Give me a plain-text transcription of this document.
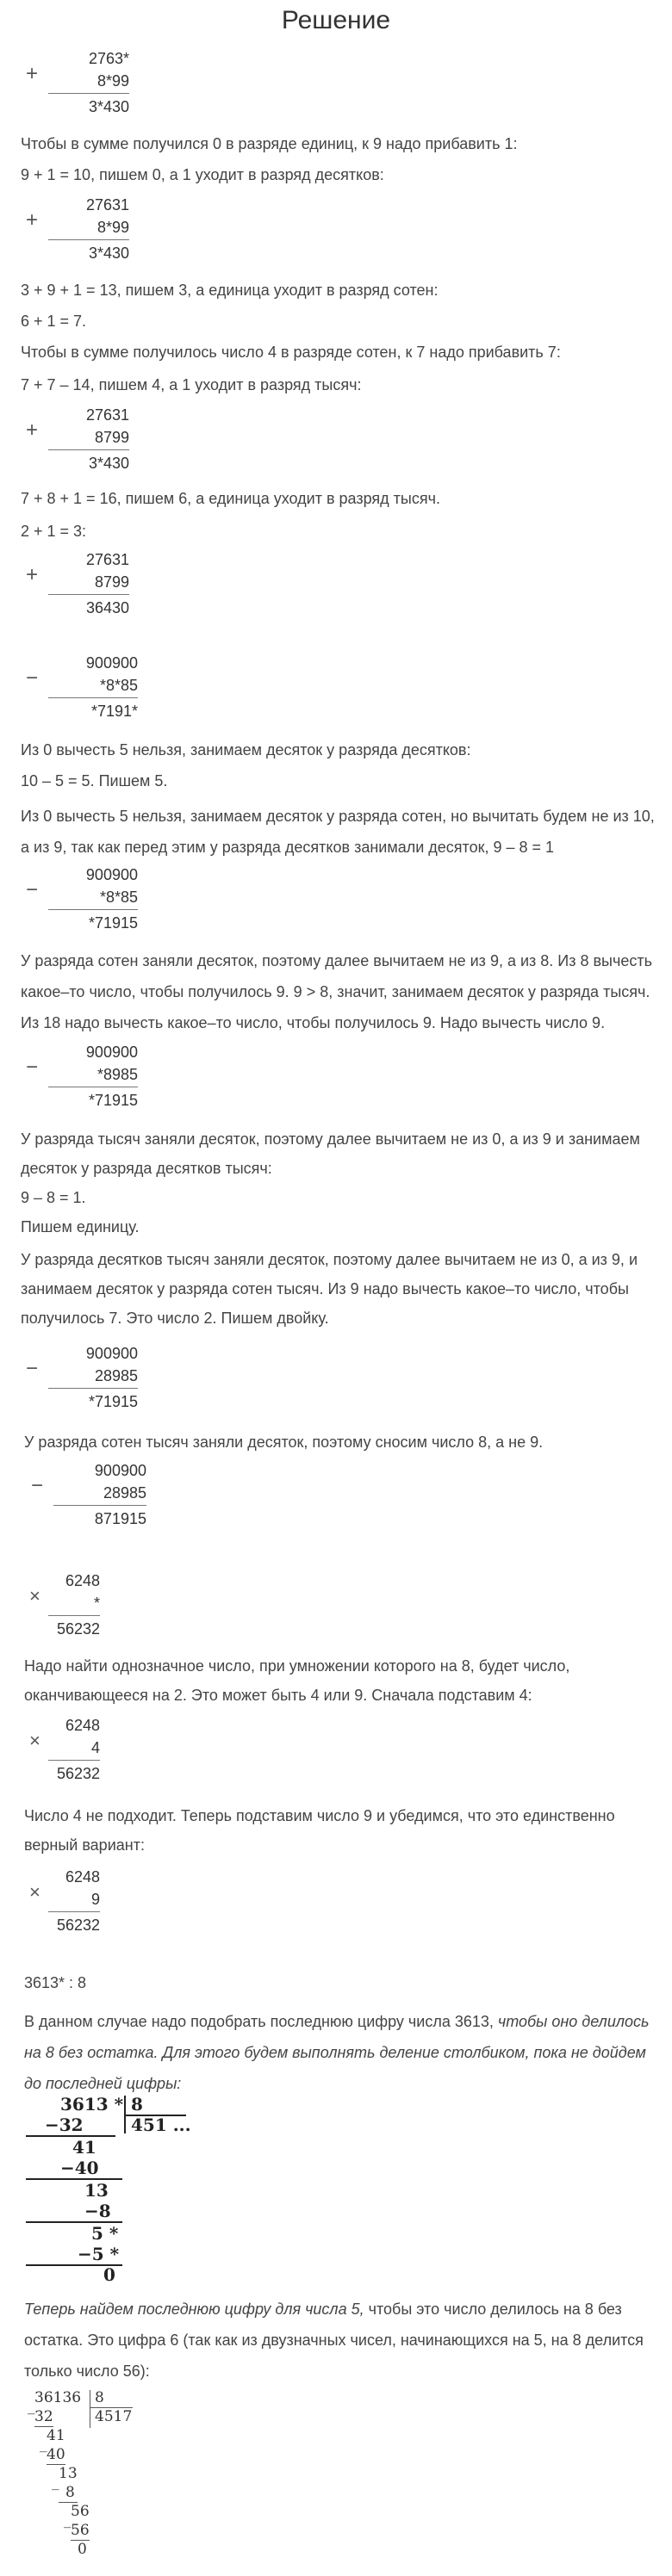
Решение
+
2763*
8*99
3*430
Чтобы в сумме получился 0 в разряде единиц, к 9 надо прибавить 1:
9 + 1 = 10, пишем 0, а 1 уходит в разряд десятков:
+
27631
8*99
3*430
3 + 9 + 1 = 13, пишем 3, а единица уходит в разряд сотен:
6 + 1 = 7.
Чтобы в сумме получилось число 4 в разряде сотен, к 7 надо прибавить 7:
7 + 7 – 14, пишем 4, а 1 уходит в разряд тысяч:
+
27631
8799
3*430
7 + 8 + 1 = 16, пишем 6, а единица уходит в разряд тысяч.
2 + 1 = 3:
+
27631
8799
36430
−
900900
*8*85
*7191*
Из 0 вычесть 5 нельзя, занимаем десяток у разряда десятков:
10 – 5 = 5. Пишем 5.
Из 0 вычесть 5 нельзя, занимаем десяток у разряда сотен, но вычитать будем не из 10, а из 9, так как перед этим у разряда десятков занимали десяток, 9 – 8 = 1
−
900900
*8*85
*71915
У разряда сотен заняли десяток, поэтому далее вычитаем не из 9, а из 8. Из 8 вычесть какое–то число, чтобы получилось 9. 9 > 8, значит, занимаем десяток у разряда тысяч. Из 18 надо вычесть какое–то число, чтобы получилось 9. Надо вычесть число 9.
−
900900
*8985
*71915
У разряда тысяч заняли десяток, поэтому далее вычитаем не из 0, а из 9 и занимаем десяток у разряда десятков тысяч:
9 – 8 = 1.
Пишем единицу.
У разряда десятков тысяч заняли десяток, поэтому далее вычитаем не из 0, а из 9, и занимаем десяток у разряда сотен тысяч. Из 9 надо вычесть какое–то число, чтобы получилось 7. Это число 2. Пишем двойку.
−
900900
28985
*71915
У разряда сотен тысяч заняли десяток, поэтому сносим число 8, а не 9.
−
900900
28985
871915
×
6248
*
56232
Надо найти однозначное число, при умножении которого на 8, будет число, оканчивающееся на 2. Это может быть 4 или 9. Сначала подставим 4:
×
6248
4
56232
Число 4 не подходит. Теперь подставим число 9 и убедимся, что это единственно верный вариант:
×
6248
9
56232
3613* : 8
В данном случае надо подобрать последнюю цифру числа 3613, чтобы оно делилось на 8 без остатка. Для этого будем выполнять деление столбиком, пока не дойдем до последней цифры:
3613 * 8
451 ...
−32
41
−40
13
−8
5 *
−5 *
0
Теперь найдем последнюю цифру для числа 5, чтобы это число делилось на 8 без остатка. Это цифра 6 (так как из двузначных чисел, начинающихся на 5, на 8 делится только число 56):
_ 36136 8
4517
32
_ 41
40
_ 13
8
_ 56
56
0
